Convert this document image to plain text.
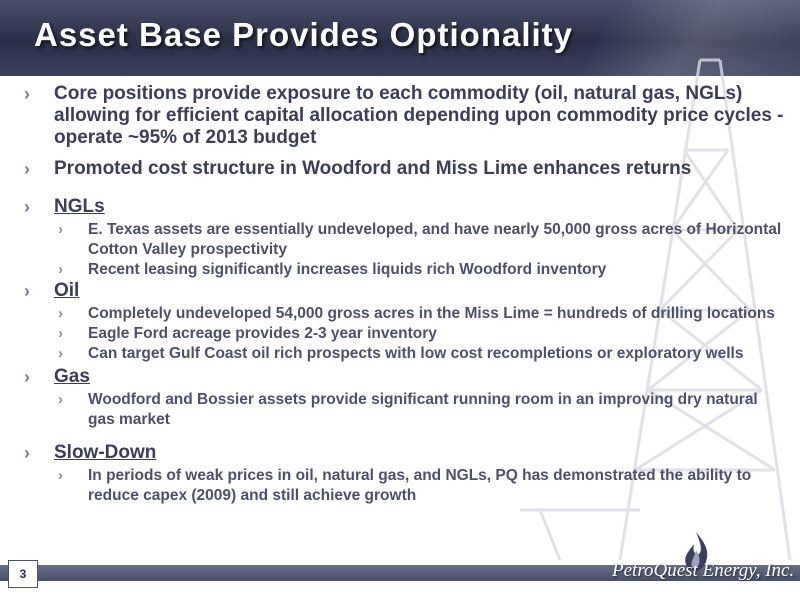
Asset Base Provides Optionality
›	Core positions provide exposure to each commodity (oil, natural gas, NGLs) allowing for efficient capital allocation depending upon commodity price cycles - operate ~95% of 2013 budget
›	Promoted cost structure in Woodford and Miss Lime enhances returns
›	NGLs
›	E. Texas assets are essentially undeveloped, and have nearly 50,000 gross acres of Horizontal Cotton Valley prospectivity
›	Recent leasing significantly increases liquids rich Woodford inventory
›	Oil
›	Completely undeveloped 54,000 gross acres in the Miss Lime = hundreds of drilling locations
›	Eagle Ford acreage provides 2-3 year inventory
›	Can target Gulf Coast oil rich prospects with low cost recompletions or exploratory wells
›	Gas
›	Woodford and Bossier assets provide significant running room in an improving dry natural gas market
›	Slow-Down
›	In periods of weak prices in oil, natural gas, and NGLs, PQ has demonstrated the ability to reduce capex (2009) and still achieve growth
3	PetroQuest Energy, Inc.
